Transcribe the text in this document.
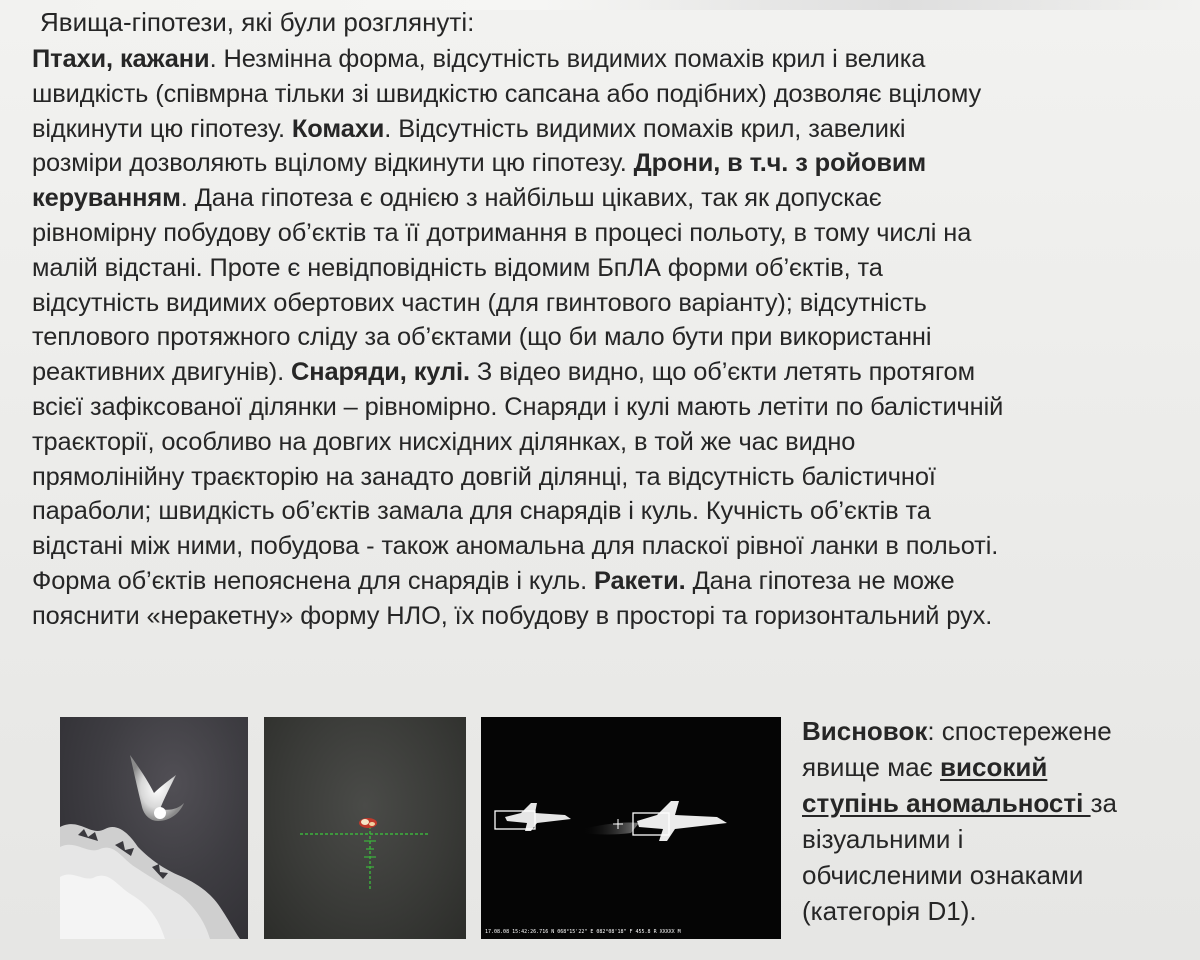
Явища-гіпотези, які були розглянуті:
Птахи, кажани. Незмінна форма, відсутність видимих помахів крил і велика
швидкість (співмрна тільки зі швидкістю сапсана або подібних) дозволяє вцілому
відкинути цю гіпотезу. Комахи. Відсутність видимих помахів крил, завеликі
розміри дозволяють вцілому відкинути цю гіпотезу. Дрони, в т.ч. з ройовим
керуванням. Дана гіпотеза є однією з найбільш цікавих, так як допускає
рівномірну побудову об’єктів та її дотримання в процесі польоту, в тому числі на
малій відстані. Проте є невідповідність відомим БпЛА форми об’єктів, та
відсутність видимих обертових частин (для гвинтового варіанту); відсутність
теплового протяжного сліду за об’єктами (що би мало бути при використанні
реактивних двигунів). Снаряди, кулі. З відео видно, що об’єкти летять протягом
всієї зафіксованої ділянки – рівномірно. Снаряди і кулі мають летіти по балістичній
траєкторії, особливо на довгих нисхідних ділянках, в той же час видно
прямолінійну траєкторію на занадто довгій ділянці, та відсутність балістичної
параболи; швидкість об’єктів замала для снарядів і куль. Кучність об’єктів та
відстані між ними, побудова - також аномальна для пласкої рівної ланки в польоті.
Форма об’єктів непояснена для снарядів і куль. Ракети. Дана гіпотеза не може
пояснити «неракетну» форму НЛО, їх побудову в просторі та горизонтальний рух.
17.08.08 15:42:26.716 N 068°15'22" E 082°08'18" F 455.8 R XXXXX M
Висновок: спостережене
явище має високий
ступінь аномальності за
візуальними і
обчисленими ознаками
(категорія D1).
